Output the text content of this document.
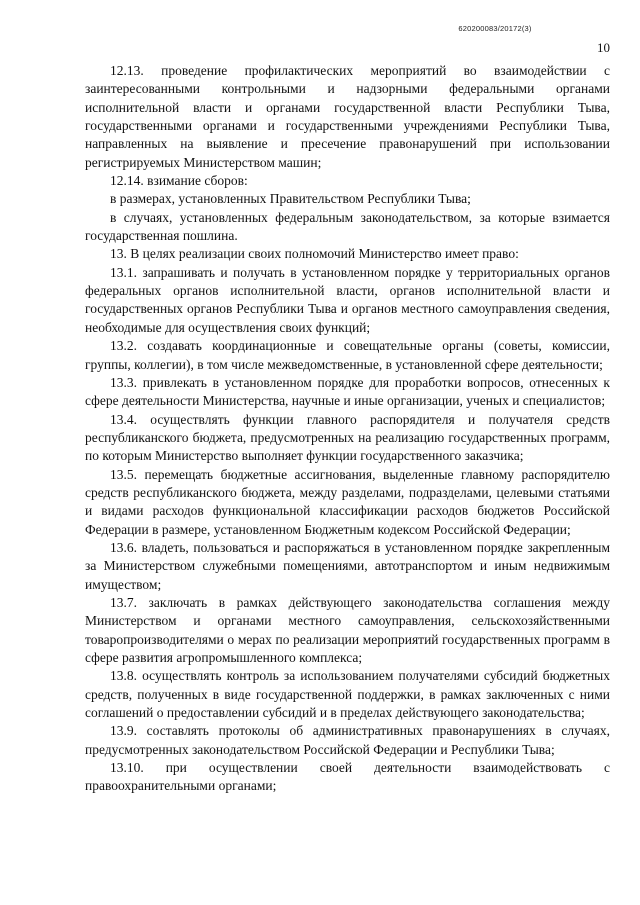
620200083/20172(3)
10

12.13. проведение профилактических мероприятий во взаимодействии с заинтересованными контрольными и надзорными федеральными органами исполнительной власти и органами государственной власти Республики Тыва, государственными органами и государственными учреждениями Республики Тыва, направленных на выявление и пресечение правонарушений при использовании регистрируемых Министерством машин;

12.14. взимание сборов:

в размерах, установленных Правительством Республики Тыва;

в случаях, установленных федеральным законодательством, за которые взимается государственная пошлина.

13. В целях реализации своих полномочий Министерство имеет право:

13.1. запрашивать и получать в установленном порядке у территориальных органов федеральных органов исполнительной власти, органов исполнительной власти и государственных органов Республики Тыва и органов местного самоуправления сведения, необходимые для осуществления своих функций;

13.2. создавать координационные и совещательные органы (советы, комиссии, группы, коллегии), в том числе межведомственные, в установленной сфере деятельности;

13.3. привлекать в установленном порядке для проработки вопросов, отнесенных к сфере деятельности Министерства, научные и иные организации, ученых и специалистов;

13.4. осуществлять функции главного распорядителя и получателя средств республиканского бюджета, предусмотренных на реализацию государственных программ, по которым Министерство выполняет функции государственного заказчика;

13.5. перемещать бюджетные ассигнования, выделенные главному распорядителю средств республиканского бюджета, между разделами, подразделами, целевыми статьями и видами расходов функциональной классификации расходов бюджетов Российской Федерации в размере, установленном Бюджетным кодексом Российской Федерации;

13.6. владеть, пользоваться и распоряжаться в установленном порядке закрепленным за Министерством служебными помещениями, автотранспортом и иным недвижимым имуществом;

13.7. заключать в рамках действующего законодательства соглашения между Министерством и органами местного самоуправления, сельскохозяйственными товаропроизводителями о мерах по реализации мероприятий государственных программ в сфере развития агропромышленного комплекса;

13.8. осуществлять контроль за использованием получателями субсидий бюджетных средств, полученных в виде государственной поддержки, в рамках заключенных с ними соглашений о предоставлении субсидий и в пределах действующего законодательства;

13.9. составлять протоколы об административных правонарушениях в случаях, предусмотренных законодательством Российской Федерации и Республики Тыва;

13.10. при осуществлении своей деятельности взаимодействовать с правоохранительными органами;
